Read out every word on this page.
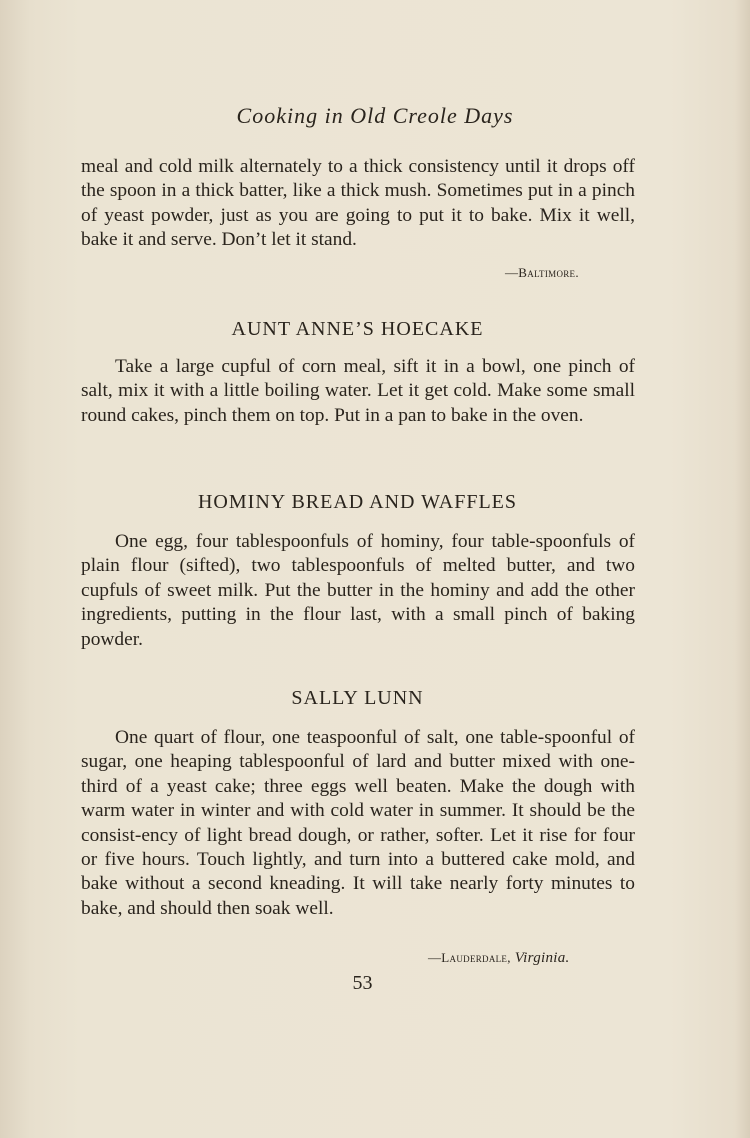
Cooking in Old Creole Days

meal and cold milk alternately to a thick consistency until it drops off the spoon in a thick batter, like a thick mush. Sometimes put in a pinch of yeast powder, just as you are going to put it to bake. Mix it well, bake it and serve. Don’t let it stand.

—Baltimore.
AUNT ANNE’S HOECAKE

Take a large cupful of corn meal, sift it in a bowl, one pinch of salt, mix it with a little boiling water. Let it get cold. Make some small round cakes, pinch them on top. Put in a pan to bake in the oven.

HOMINY BREAD AND WAFFLES

One egg, four tablespoonfuls of hominy, four table-spoonfuls of plain flour (sifted), two tablespoonfuls of melted butter, and two cupfuls of sweet milk. Put the butter in the hominy and add the other ingredients, putting in the flour last, with a small pinch of baking powder.

SALLY LUNN

One quart of flour, one teaspoonful of salt, one table-spoonful of sugar, one heaping tablespoonful of lard and butter mixed with one-third of a yeast cake; three eggs well beaten. Make the dough with warm water in winter and with cold water in summer. It should be the consist-ency of light bread dough, or rather, softer. Let it rise for four or five hours. Touch lightly, and turn into a buttered cake mold, and bake without a second kneading. It will take nearly forty minutes to bake, and should then soak well.

—Lauderdale, Virginia.
53
